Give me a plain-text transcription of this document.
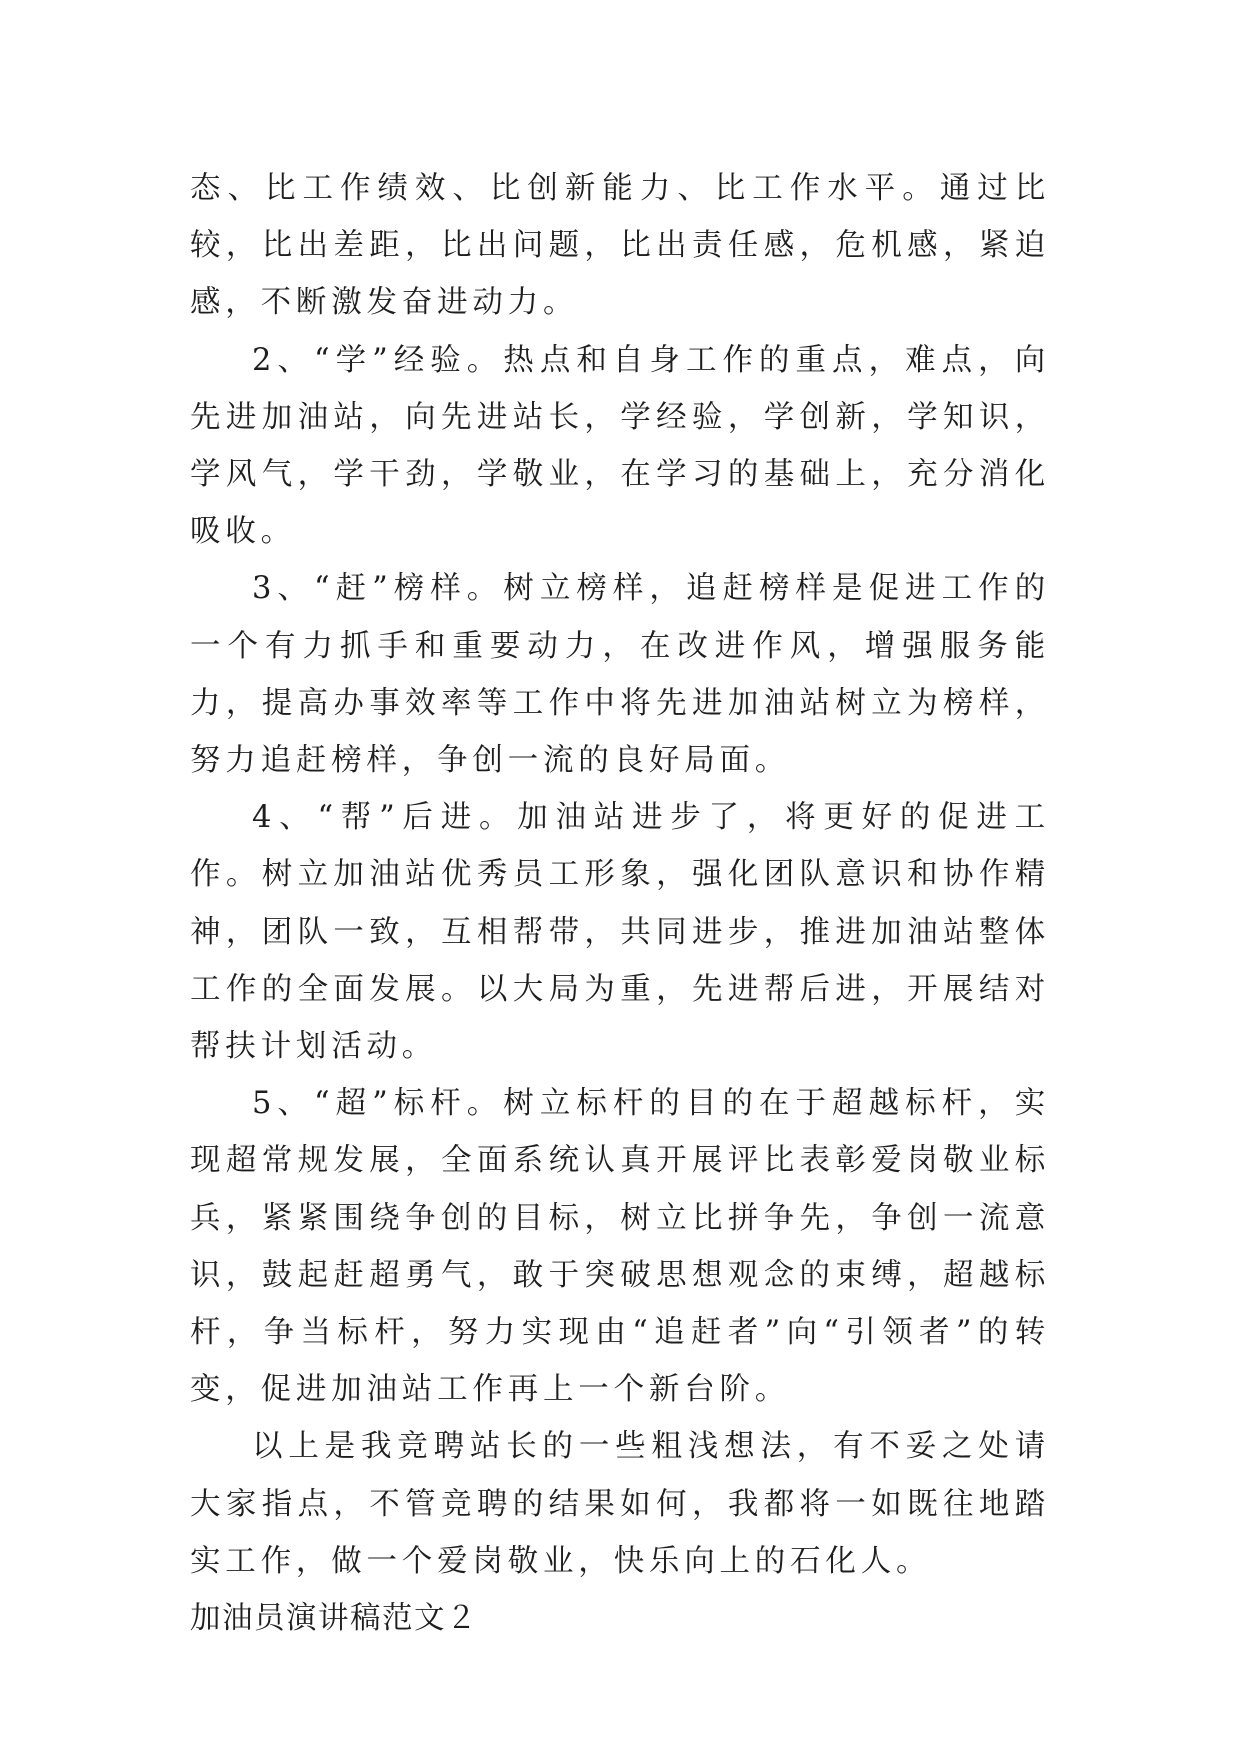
态、比工作绩效、比创新能力、比工作水平。通过比较，比出差距，比出问题，比出责任感，危机感，紧迫感，不断激发奋进动力。

2、“学”经验。热点和自身工作的重点，难点，向先进加油站，向先进站长，学经验，学创新，学知识，学风气，学干劲，学敬业，在学习的基础上，充分消化吸收。

3、“赶”榜样。树立榜样，追赶榜样是促进工作的一个有力抓手和重要动力，在改进作风，增强服务能力，提高办事效率等工作中将先进加油站树立为榜样，努力追赶榜样，争创一流的良好局面。

4、“帮”后进。加油站进步了，将更好的促进工作。树立加油站优秀员工形象，强化团队意识和协作精神，团队一致，互相帮带，共同进步，推进加油站整体工作的全面发展。以大局为重，先进帮后进，开展结对帮扶计划活动。

5、“超”标杆。树立标杆的目的在于超越标杆，实现超常规发展，全面系统认真开展评比表彰爱岗敬业标兵，紧紧围绕争创的目标，树立比拼争先，争创一流意识，鼓起赶超勇气，敢于突破思想观念的束缚，超越标杆，争当标杆，努力实现由“追赶者”向“引领者”的转变，促进加油站工作再上一个新台阶。

以上是我竞聘站长的一些粗浅想法，有不妥之处请大家指点，不管竞聘的结果如何，我都将一如既往地踏实工作，做一个爱岗敬业，快乐向上的石化人。

加油员演讲稿范文２
